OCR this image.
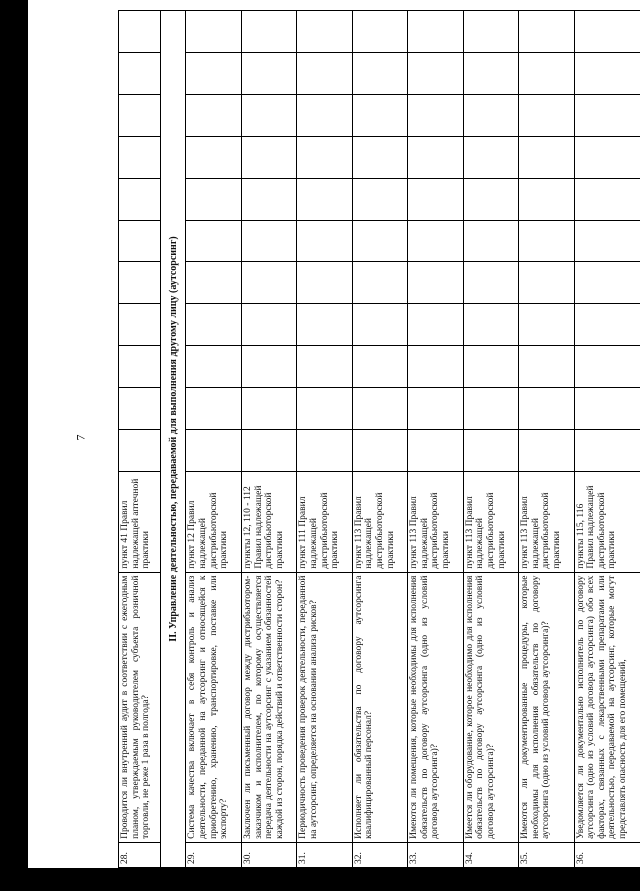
7
28.	Проводится ли внутренний аудит в соответствии с ежегодным планом, утверждаемым руководителем субъекта розничной торговли, не реже 1 раза в полгода?	пункт 41 Правил надлежащей аптечной практики											
II. Управление деятельностью, передаваемой для выполнения другому лицу (аутсорсинг)													
29.	Система качества включает в себя контроль и анализ деятельности, переданной на аутсорсинг и относящейся к приобретению, хранению, транспортировке, поставке или экспорту?	пункт 12 Правил надлежащей дистрибьюторской практики											
30.	Заключен ли письменный договор между дистрибьютором-заказчиком и исполнителем, по которому осуществляется передача деятельности на аутсорсинг с указанием обязанностей каждой из сторон, порядка действий и ответственности сторон?	пункты 12, 110 - 112 Правил надлежащей дистрибьюторской практики											
31.	Периодичность проведения проверок деятельности, переданной на аутсорсинг, определяется на основании анализа рисков?	пункт 111 Правил надлежащей дистрибьюторской практики											
32.	Исполняет ли обязательства по договору аутсорсинга квалифицированный персонал?	пункт 113 Правил надлежащей дистрибьюторской практики											
33.	Имеются ли помещения, которые необходимы для исполнения обязательств по договору аутсорсинга (одно из условий договора аутсорсинга)?	пункт 113 Правил надлежащей дистрибьюторской практики											
34.	Имеется ли оборудование, которое необходимо для исполнения обязательств по договору аутсорсинга (одно из условий договора аутсорсинга)?	пункт 113 Правил надлежащей дистрибьюторской практики											
35.	Имеются ли документированные процедуры, которые необходимы для исполнения обязательств по договору аутсорсинга (одно из условий договора аутсорсинга)?	пункт 113 Правил надлежащей дистрибьюторской практики											
36.	Уведомляется ли документально исполнитель по договору аутсорсинга (одно из условий договора аутсорсинга) обо всех факторах, связанных с лекарственными препаратами или деятельностью, передаваемой на аутсорсинг, которые могут представлять опасность для его помещений,	пункты 115, 116 Правил надлежащей дистрибьюторской практики											
